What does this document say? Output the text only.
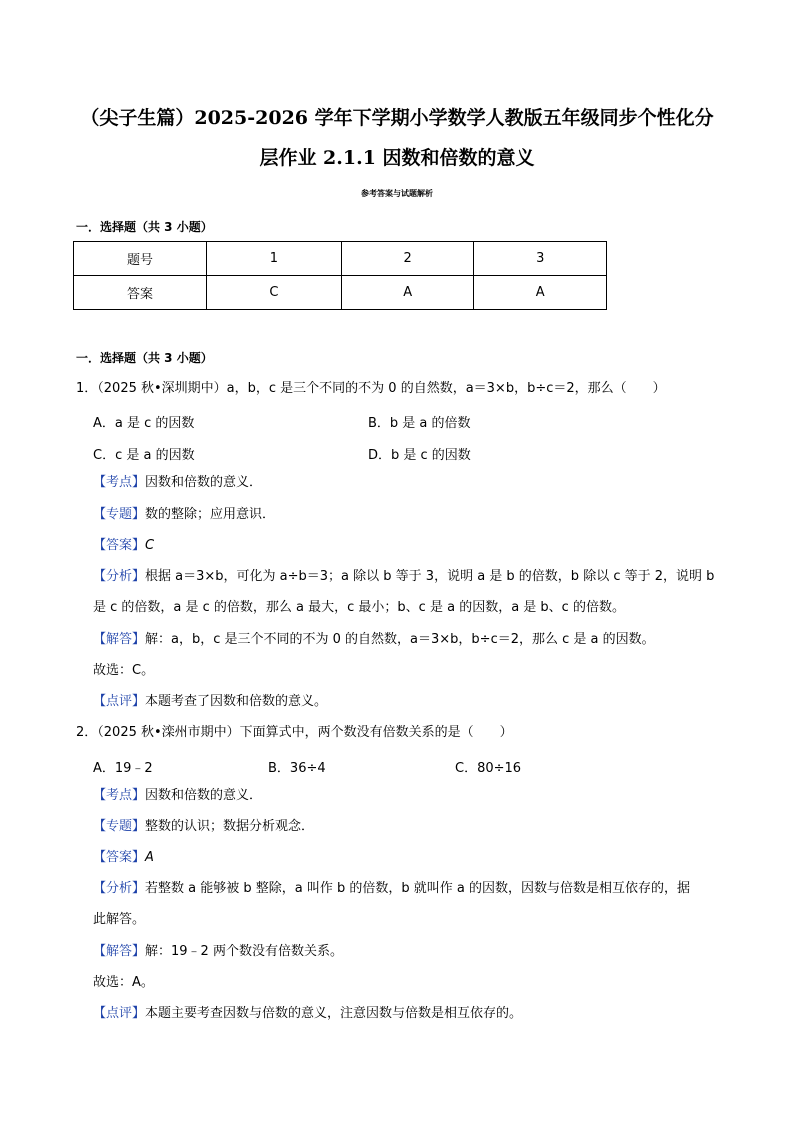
（尖子生篇）2025-2026 学年下学期小学数学人教版五年级同步个性化分
层作业 2.1.1 因数和倍数的意义
参考答案与试题解析
一．选择题（共 3 小题）
题号	1	2	3
答案	C	A	A
一．选择题（共 3 小题）
1．（2025 秋•深圳期中）a，b，c 是三个不同的不为 0 的自然数，a＝3×b，b÷c＝2，那么（　　）
A．a 是 c 的因数	B．b 是 a 的倍数
C．c 是 a 的因数	D．b 是 c 的因数
【考点】因数和倍数的意义．
【专题】数的整除；应用意识．
【答案】C
【分析】根据 a＝3×b，可化为 a÷b＝3；a 除以 b 等于 3，说明 a 是 b 的倍数，b 除以 c 等于 2，说明 b
是 c 的倍数，a 是 c 的倍数，那么 a 最大，c 最小；b、c 是 a 的因数，a 是 b、c 的倍数。
【解答】解：a，b，c 是三个不同的不为 0 的自然数，a＝3×b，b÷c＝2，那么 c 是 a 的因数。
故选：C。
【点评】本题考查了因数和倍数的意义。
2．（2025 秋•滦州市期中）下面算式中，两个数没有倍数关系的是（　　）
A．19﹣2	B．36÷4	C．80÷16
【考点】因数和倍数的意义．
【专题】整数的认识；数据分析观念．
【答案】A
【分析】若整数 a 能够被 b 整除，a 叫作 b 的倍数，b 就叫作 a 的因数，因数与倍数是相互依存的，据
此解答。
【解答】解：19﹣2 两个数没有倍数关系。
故选：A。
【点评】本题主要考查因数与倍数的意义，注意因数与倍数是相互依存的。
